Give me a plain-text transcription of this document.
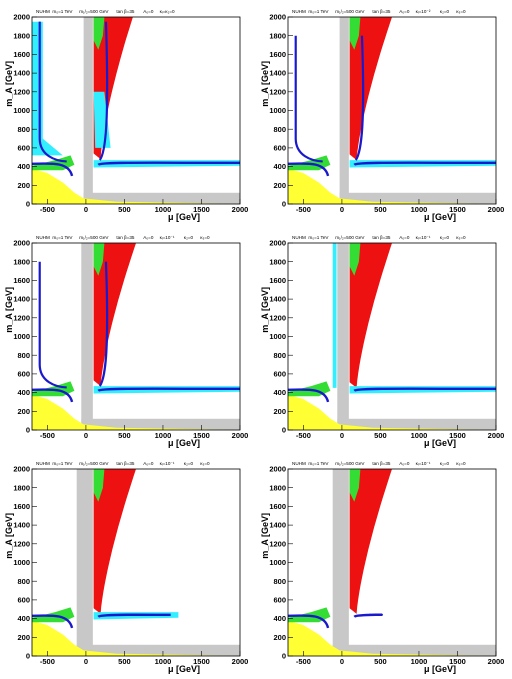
0
200
400
600
800
1000
1200
1400
1600
1800
2000
-500	0	500	1000	1500	2000
μ [GeV]
m_A [GeV]
NUHM m₀=1 TeV m₁/₂=500 GeV tan β=35 A₀=0 κᵢ=κ₂=0
0
200
400
600
800
1000
1200
1400
1600
1800
2000
-500	0	500	1000	1500	2000
μ [GeV]
m_A [GeV]
NUHM m₀=1 TeV m₁/₂=500 GeV tan β=35 A₀=0 κᵢ=10⁻² κ₂=0 κ₃=0
0
200
400
600
800
1000
1200
1400
1600
1800
2000
-500	0	500	1000	1500	2000
μ [GeV]
m_A [GeV]
NUHM m₀=1 TeV m₁/₂=500 GeV tan β=35 A₀=0 κᵢ=10⁻¹ κ₂=0 κ₃=0
0
200
400
600
800
1000
1200
1400
1600
1800
2000
-500	0	500	1000	1500	2000
μ [GeV]
m_A [GeV]
NUHM m₀=1 TeV m₁/₂=500 GeV tan β=35 A₀=0 κᵢ=10⁻¹ κ₂=0 κ₃=0
0
200
400
600
800
1000
1200
1400
1600
1800
2000
-500	0	500	1000	1500	2000
μ [GeV]
m_A [GeV]
NUHM m₀=1 TeV m₁/₂=500 GeV tan β=35 A₀=0 κᵢ=10⁻¹ κ₂=0 κ₃=0
0
200
400
600
800
1000
1200
1400
1600
1800
2000
-500	0	500	1000	1500	2000
μ [GeV]
m_A [GeV]
NUHM m₀=1 TeV m₁/₂=500 GeV tan β=35 A₀=0 κᵢ=10⁻¹ κ₂=0 κ₃=0
